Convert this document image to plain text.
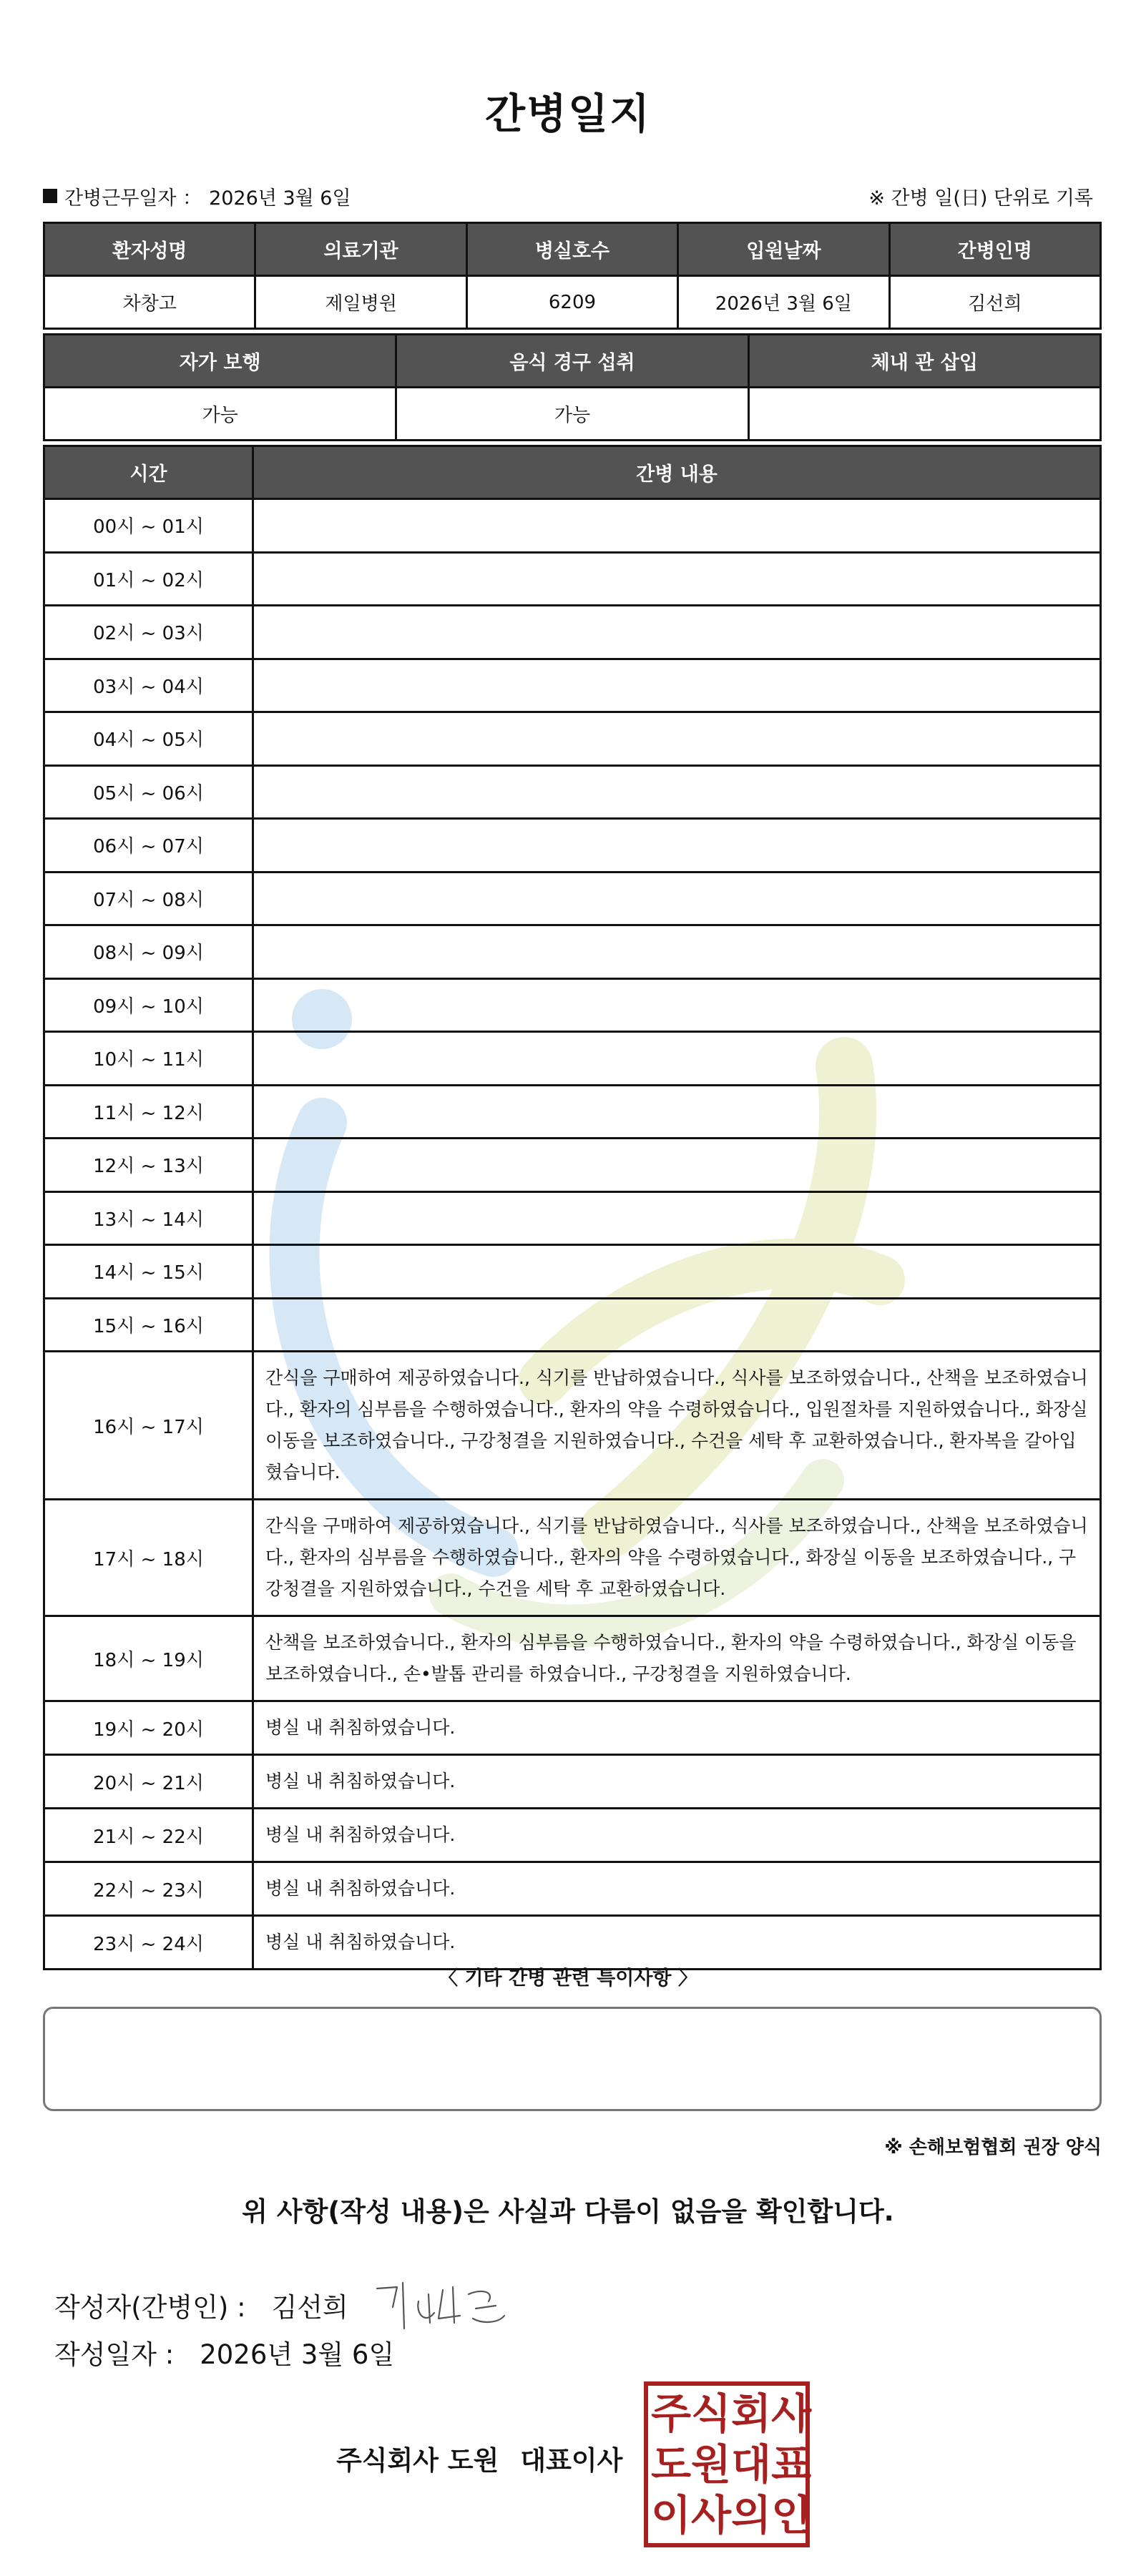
간병일지
간병근무일자 ： 2026년 3월 6일	※ 간병 일(日) 단위로 기록
환자성명	의료기관	병실호수	입원날짜	간병인명
차창고	제일병원	6209	2026년 3월 6일	김선희
자가 보행	음식 경구 섭취	체내 관 삽입
가능	가능	
시간	간병 내용
00시 ~ 01시	
01시 ~ 02시	
02시 ~ 03시	
03시 ~ 04시	
04시 ~ 05시	
05시 ~ 06시	
06시 ~ 07시	
07시 ~ 08시	
08시 ~ 09시	
09시 ~ 10시	
10시 ~ 11시	
11시 ~ 12시	
12시 ~ 13시	
13시 ~ 14시	
14시 ~ 15시	
15시 ~ 16시	
16시 ~ 17시	간식을 구매하여 제공하였습니다., 식기를 반납하였습니다., 식사를 보조하였습니다., 산책을 보조하였습니다., 환자의 심부름을 수행하였습니다., 환자의 약을 수령하였습니다., 입원절차를 지원하였습니다., 화장실 이동을 보조하였습니다., 구강청결을 지원하였습니다., 수건을 세탁 후 교환하였습니다., 환자복을 갈아입혔습니다.
17시 ~ 18시	간식을 구매하여 제공하였습니다., 식기를 반납하였습니다., 식사를 보조하였습니다., 산책을 보조하였습니다., 환자의 심부름을 수행하였습니다., 환자의 약을 수령하였습니다., 화장실 이동을 보조하였습니다., 구강청결을 지원하였습니다., 수건을 세탁 후 교환하였습니다.
18시 ~ 19시	산책을 보조하였습니다., 환자의 심부름을 수행하였습니다., 환자의 약을 수령하였습니다., 화장실 이동을 보조하였습니다., 손•발톱 관리를 하였습니다., 구강청결을 지원하였습니다.
19시 ~ 20시	병실 내 취침하였습니다.
20시 ~ 21시	병실 내 취침하였습니다.
21시 ~ 22시	병실 내 취침하였습니다.
22시 ~ 23시	병실 내 취침하였습니다.
23시 ~ 24시	병실 내 취침하였습니다.
〈 기타 간병 관련 특이사항 〉
※ 손해보험협회 권장 양식
위 사항(작성 내용)은 사실과 다름이 없음을 확인합니다.
작성자(간병인) : 김선희
작성일자 : 2026년 3월 6일
주식회사 도원 대표이사
주 식 회 사
도 원 대 표
이 사 의 인
